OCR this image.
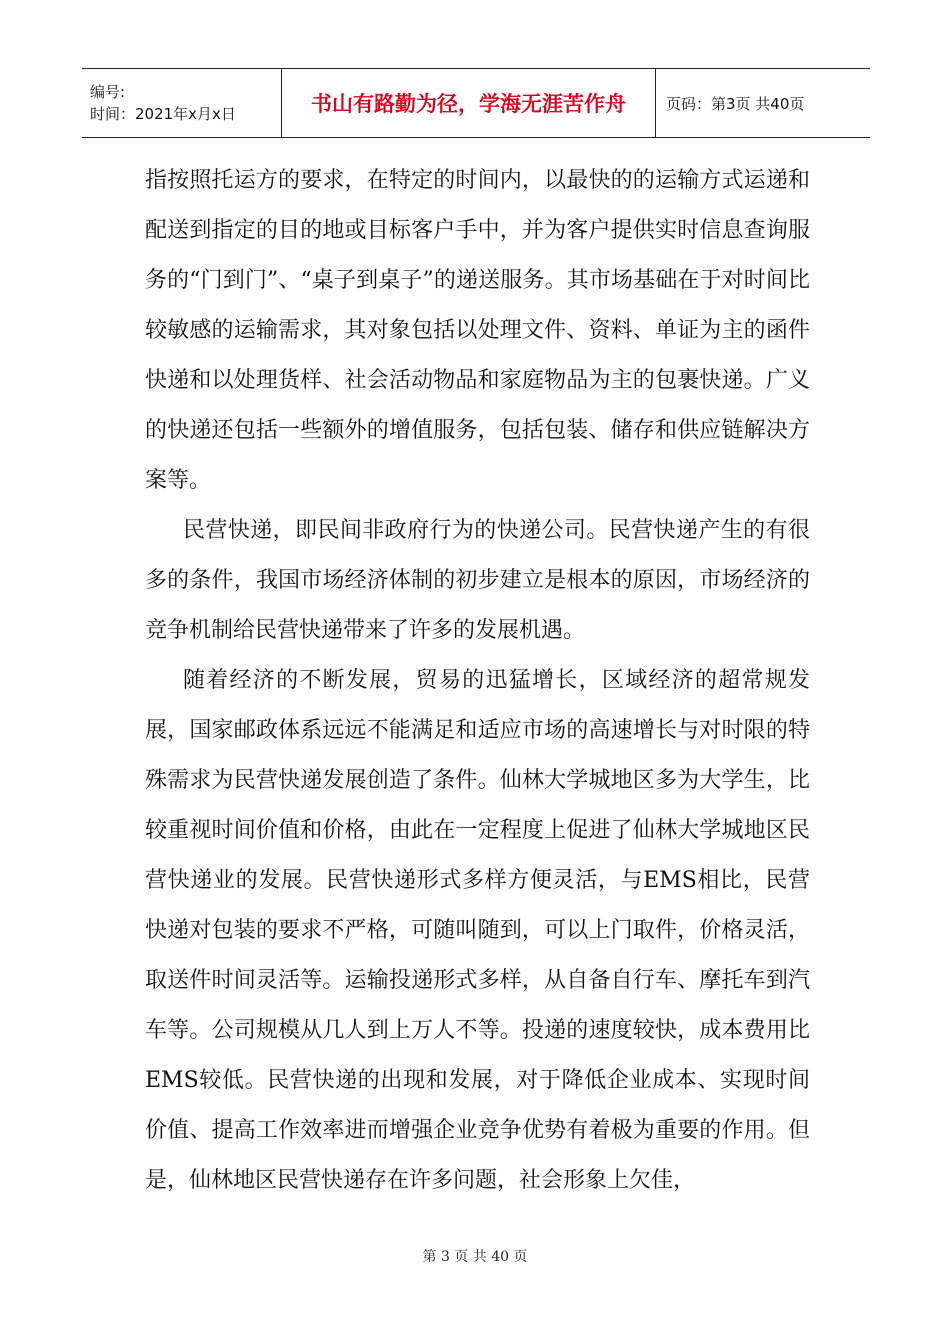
编号:
时间：2021年x月x日	书山有路勤为径，学海无涯苦作舟	页码：第3页 共40页

指按照托运方的要求，在特定的时间内，以最快的的运输方式运递和配送到指定的目的地或目标客户手中，并为客户提供实时信息查询服务的“门到门”、“桌子到桌子”的递送服务。其市场基础在于对时间比较敏感的运输需求，其对象包括以处理文件、资料、单证为主的函件快递和以处理货样、社会活动物品和家庭物品为主的包裹快递。广义的快递还包括一些额外的增值服务，包括包装、储存和供应链解决方案等。

民营快递，即民间非政府行为的快递公司。民营快递产生的有很多的条件，我国市场经济体制的初步建立是根本的原因，市场经济的竞争机制给民营快递带来了许多的发展机遇。

随着经济的不断发展，贸易的迅猛增长，区域经济的超常规发展，国家邮政体系远远不能满足和适应市场的高速增长与对时限的特殊需求为民营快递发展创造了条件。仙林大学城地区多为大学生，比较重视时间价值和价格，由此在一定程度上促进了仙林大学城地区民营快递业的发展。民营快递形式多样方便灵活，与EMS相比，民营快递对包装的要求不严格，可随叫随到，可以上门取件，价格灵活，取送件时间灵活等。运输投递形式多样，从自备自行车、摩托车到汽车等。公司规模从几人到上万人不等。投递的速度较快，成本费用比EMS较低。民营快递的出现和发展，对于降低企业成本、实现时间价值、提高工作效率进而增强企业竞争优势有着极为重要的作用。但是，仙林地区民营快递存在许多问题，社会形象上欠佳，

第 3 页 共 40 页
